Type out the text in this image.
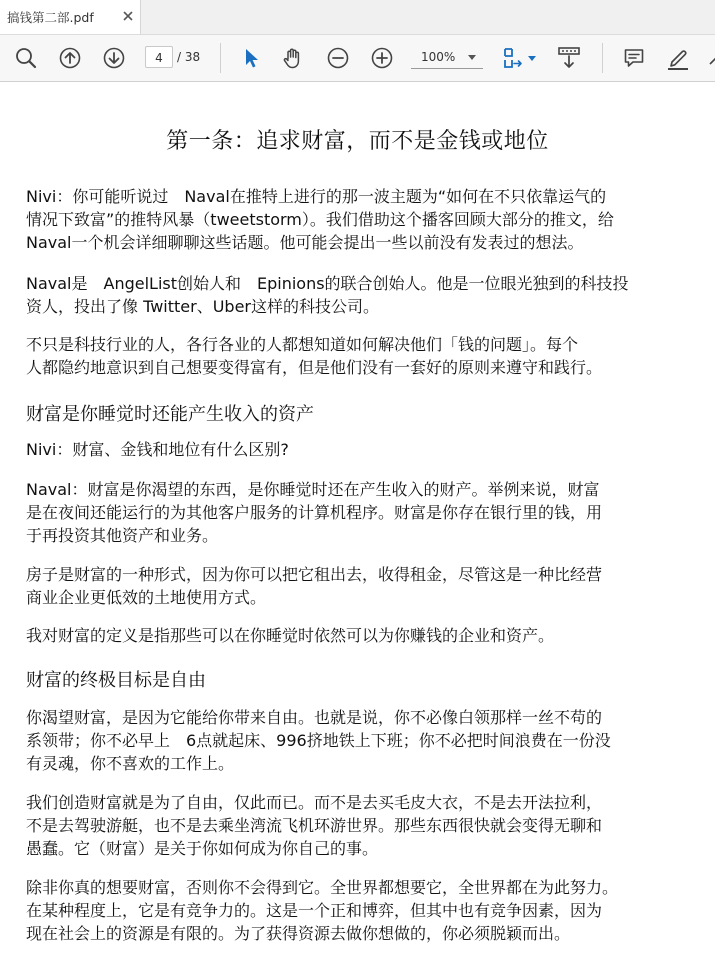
搞钱第二部.pdf
4	/ 38	100%
第一条：追求财富，而不是金钱或地位
Nivi：你可能听说过　Naval在推特上进行的那一波主题为“如何在不只依靠运气的
情况下致富”的推特风暴（tweetstorm）。我们借助这个播客回顾大部分的推文，给
Naval一个机会详细聊聊这些话题。他可能会提出一些以前没有发表过的想法。
Naval是　AngelList创始人和　Epinions的联合创始人。他是一位眼光独到的科技投
资人，投出了像 Twitter、Uber这样的科技公司。
不只是科技行业的人，各行各业的人都想知道如何解决他们「钱的问题」。每个
人都隐约地意识到自己想要变得富有，但是他们没有一套好的原则来遵守和践行。
财富是你睡觉时还能产生收入的资产
Nivi：财富、金钱和地位有什么区别?
Naval：财富是你渴望的东西，是你睡觉时还在产生收入的财产。举例来说，财富
是在夜间还能运行的为其他客户服务的计算机程序。财富是你存在银行里的钱，用
于再投资其他资产和业务。
房子是财富的一种形式，因为你可以把它租出去，收得租金，尽管这是一种比经营
商业企业更低效的土地使用方式。
我对财富的定义是指那些可以在你睡觉时依然可以为你赚钱的企业和资产。
财富的终极目标是自由
你渴望财富，是因为它能给你带来自由。也就是说，你不必像白领那样一丝不苟的
系领带；你不必早上　6点就起床、996挤地铁上下班；你不必把时间浪费在一份没
有灵魂，你不喜欢的工作上。
我们创造财富就是为了自由，仅此而已。而不是去买毛皮大衣，不是去开法拉利，
不是去驾驶游艇，也不是去乘坐湾流飞机环游世界。那些东西很快就会变得无聊和
愚蠢。它（财富）是关于你如何成为你自己的事。
除非你真的想要财富，否则你不会得到它。全世界都想要它，全世界都在为此努力。
在某种程度上，它是有竞争力的。这是一个正和博弈，但其中也有竞争因素，因为
现在社会上的资源是有限的。为了获得资源去做你想做的，你必须脱颖而出。
